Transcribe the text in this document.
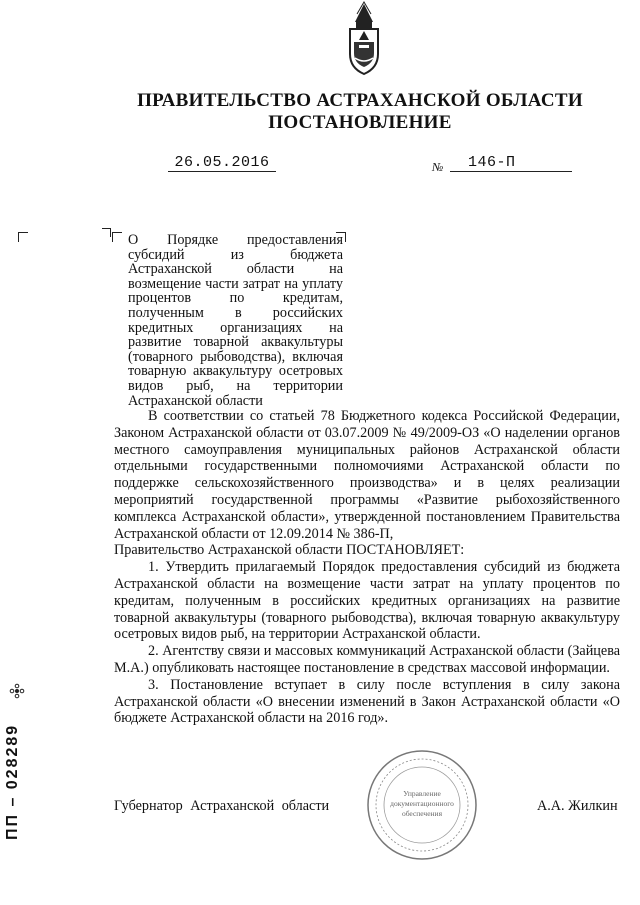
ПРАВИТЕЛЬСТВО АСТРАХАНСКОЙ ОБЛАСТИ
ПОСТАНОВЛЕНИЕ
26.05.2016	№	146-П
О Порядке предоставления субсидий из бюджета Астраханской области на возмещение части затрат на уплату процентов по кредитам, полученным в российских кредитных организациях на развитие товарной аквакультуры (товарного рыбоводства), включая товарную аквакультуру осетровых видов рыб, на территории Астраханской области

В соответствии со статьей 78 Бюджетного кодекса Российской Федерации, Законом Астраханской области от 03.07.2009 № 49/2009-ОЗ «О наделении органов местного самоуправления муниципальных районов Астраханской области отдельными государственными полномочиями Астраханской области по поддержке сельскохозяйственного производства» и в целях реализации мероприятий государственной программы «Развитие рыбохозяйственного комплекса Астраханской области», утвержденной постановлением Правительства Астраханской области от 12.09.2014 № 386-П,

Правительство Астраханской области ПОСТАНОВЛЯЕТ:

1. Утвердить прилагаемый Порядок предоставления субсидий из бюджета Астраханской области на возмещение части затрат на уплату процентов по кредитам, полученным в российских кредитных организациях на развитие товарной аквакультуры (товарного рыбоводства), включая товарную аквакультуру осетровых видов рыб, на территории Астраханской области.

2. Агентству связи и массовых коммуникаций Астраханской области (Зайцева М.А.) опубликовать настоящее постановление в средствах массовой информации.

3. Постановление вступает в силу после вступления в силу закона Астраханской области «О внесении изменений в Закон Астраханской области «О бюджете Астраханской области на 2016 год».

Управление
документационного
обеспечения
Губернатор Астраханской области	А.А. Жилкин
ПП – 028289
